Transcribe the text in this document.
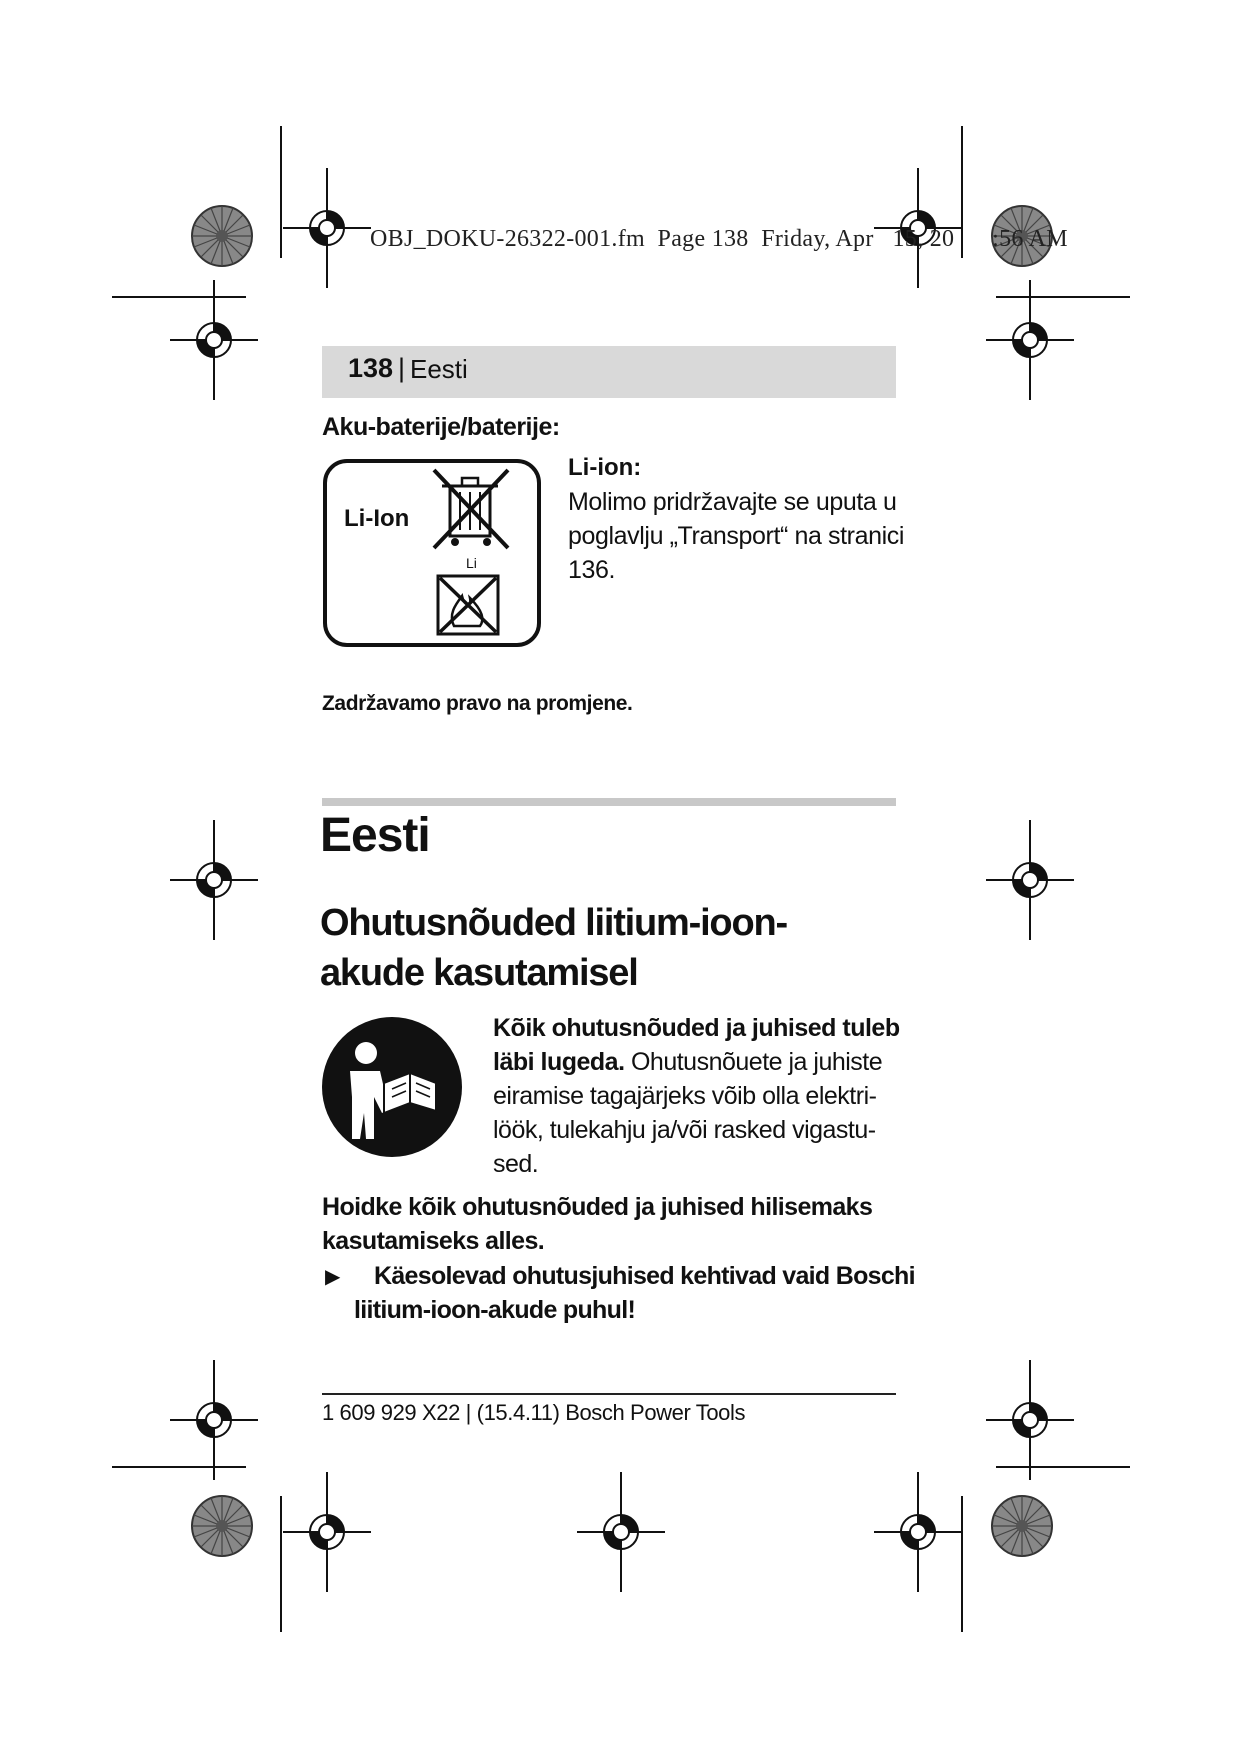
OBJ_DOKU-26322-001.fm  Page 138  Friday, Apr   15, 20      :56 AM
138 | Eesti
Aku-baterije/baterije:
Li-Ion
Li
Li-ion:
Molimo pridržavajte se uputa u poglavlju „Transport“ na stranici 136.
Zadržavamo pravo na promjene.
Eesti
Ohutusnõuded liitium-ioon-akude kasutamisel
Kõik ohutusnõuded ja juhised tuleb läbi lugeda. Ohutusnõuete ja juhiste eiramise tagajärjeks võib olla elektri-löök, tulekahju ja/või rasked vigastu-sed.
Hoidke kõik ohutusnõuded ja juhised hilisemaks kasutamiseks alles.
▶	Käesolevad ohutusjuhised kehtivad vaid Boschi liitium-ioon-akude puhul!
1 609 929 X22 | (15.4.11) Bosch Power Tools
